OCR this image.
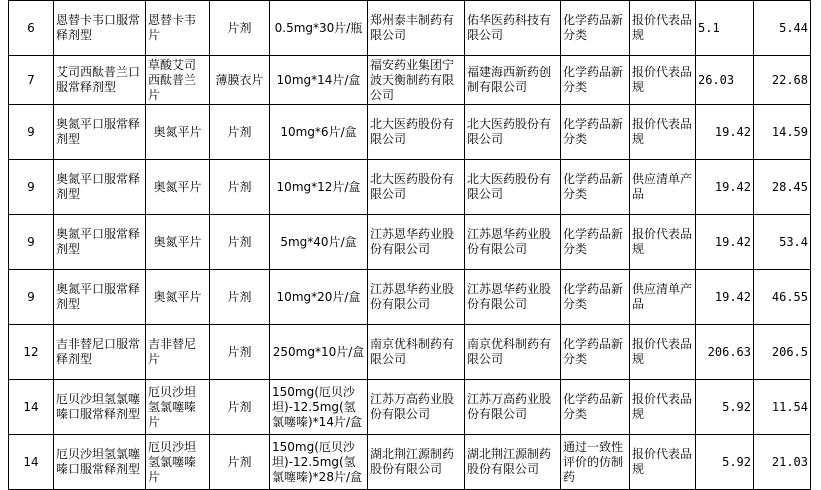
6	恩替卡韦口服常释剂型	恩替卡韦片	片剂	0.5mg*30片/瓶	郑州泰丰制药有限公司	佑华医药科技有限公司	化学药品新分类	报价代表品规	5.1	5.44
7	艾司西酞普兰口服常释剂型	草酸艾司西酞普兰片	薄膜衣片	10mg*14片/盒	福安药业集团宁波天衡制药有限公司	福建海西新药创制有限公司	化学药品新分类	报价代表品规	26.03	22.68
9	奥氮平口服常释剂型	奥氮平片	片剂	10mg*6片/盒	北大医药股份有限公司	北大医药股份有限公司	化学药品新分类	报价代表品规	19.42	14.59
9	奥氮平口服常释剂型	奥氮平片	片剂	10mg*12片/盒	北大医药股份有限公司	北大医药股份有限公司	化学药品新分类	供应清单产品	19.42	28.45
9	奥氮平口服常释剂型	奥氮平片	片剂	5mg*40片/盒	江苏恩华药业股份有限公司	江苏恩华药业股份有限公司	化学药品新分类	报价代表品规	19.42	53.4
9	奥氮平口服常释剂型	奥氮平片	片剂	10mg*20片/盒	江苏恩华药业股份有限公司	江苏恩华药业股份有限公司	化学药品新分类	供应清单产品	19.42	46.55
12	吉非替尼口服常释剂型	吉非替尼片	片剂	250mg*10片/盒	南京优科制药有限公司	南京优科制药有限公司	化学药品新分类	报价代表品规	206.63	206.5
14	厄贝沙坦氢氯噻嗪口服常释剂型	厄贝沙坦氢氯噻嗪片	片剂	150mg(厄贝沙坦)-12.5mg(氢氯噻嗪)*14片/盒	江苏万高药业股份有限公司	江苏万高药业股份有限公司	化学药品新分类	报价代表品规	5.92	11.54
14	厄贝沙坦氢氯噻嗪口服常释剂型	厄贝沙坦氢氯噻嗪片	片剂	150mg(厄贝沙坦)-12.5mg(氢氯噻嗪)*28片/盒	湖北荆江源制药股份有限公司	湖北荆江源制药股份有限公司	通过一致性评价的仿制药	报价代表品规	5.92	21.03
